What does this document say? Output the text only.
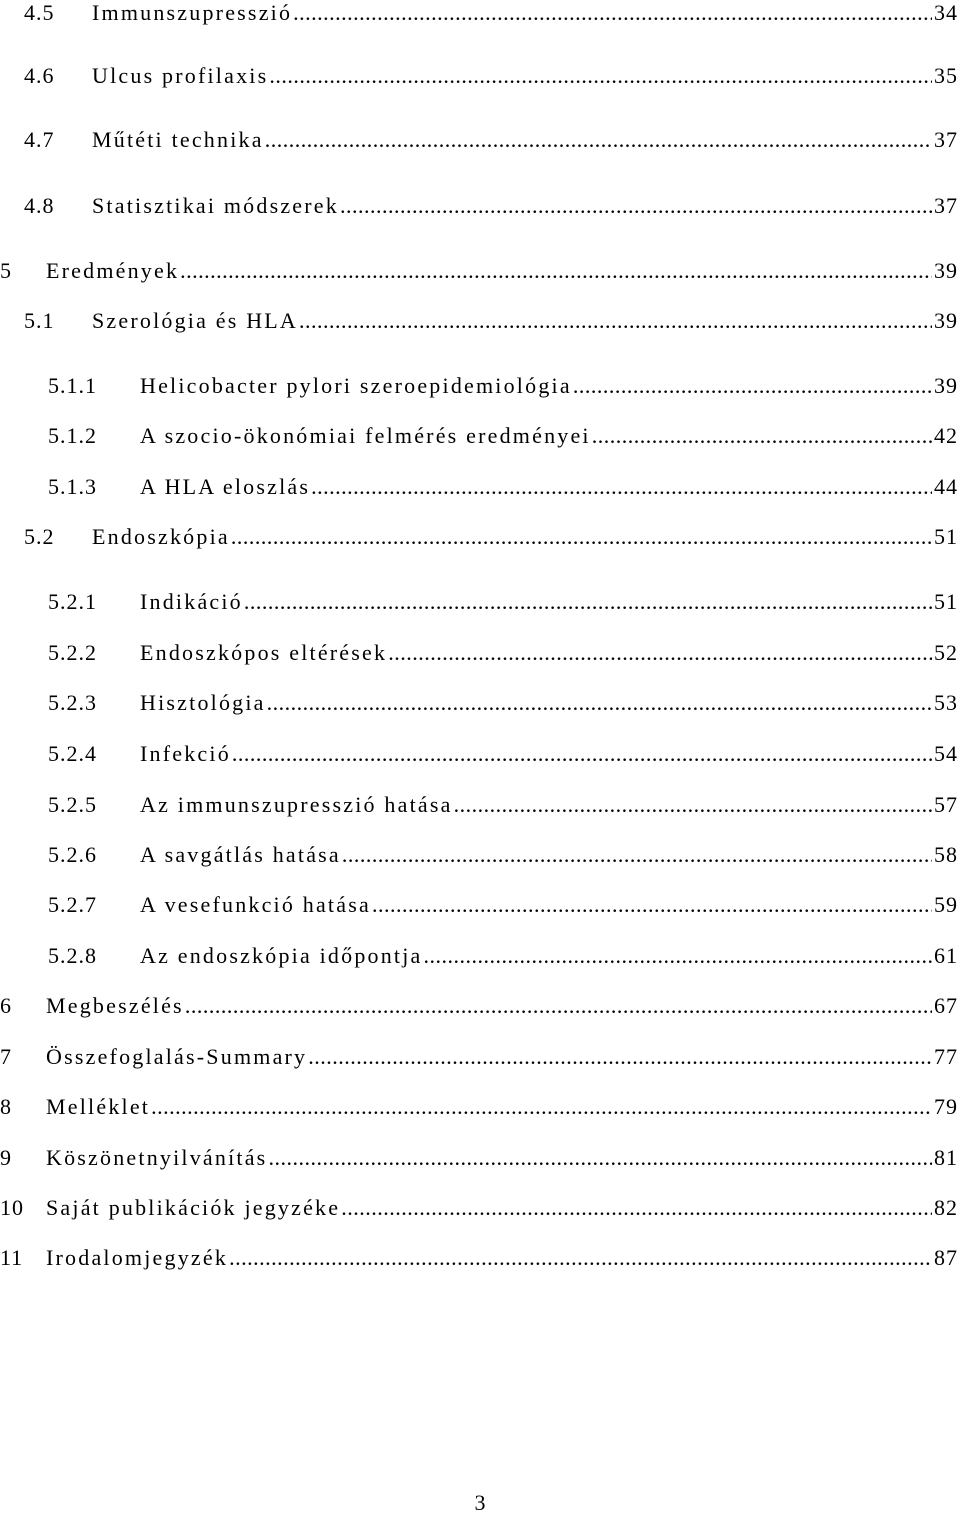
4.5	Immunszupresszió .....	34
4.6	Ulcus profilaxis .....	35
4.7	Műtéti technika .....	37
4.8	Statisztikai módszerek .....	37
5	Eredmények .....	39
5.1	Szerológia és HLA .....	39
5.1.1	Helicobacter pylori szeroepidemiológia .....	39
5.1.2	A szocio-ökonómiai felmérés eredményei .....	42
5.1.3	A HLA eloszlás .....	44
5.2	Endoszkópia .....	51
5.2.1	Indikáció .....	51
5.2.2	Endoszkópos eltérések .....	52
5.2.3	Hisztológia .....	53
5.2.4	Infekció .....	54
5.2.5	Az immunszupresszió hatása .....	57
5.2.6	A savgátlás hatása .....	58
5.2.7	A vesefunkció hatása .....	59
5.2.8	Az endoszkópia időpontja .....	61
6	Megbeszélés .....	67
7	Összefoglalás-Summary .....	77
8	Melléklet .....	79
9	Köszönetnyilvánítás .....	81
10	Saját publikációk jegyzéke .....	82
11	Irodalomjegyzék .....	87
3
